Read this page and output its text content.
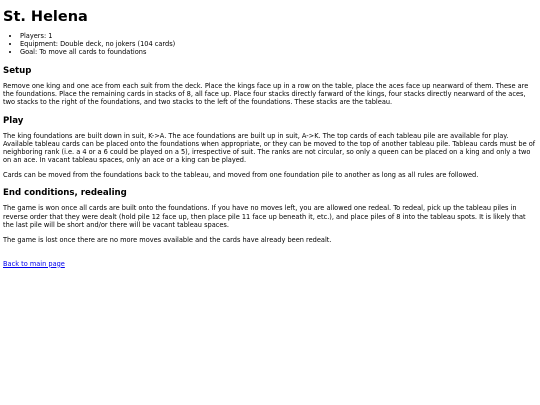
St. Helena
• Players: 1
• Equipment: Double deck, no jokers (104 cards)
• Goal: To move all cards to foundations
Setup

Remove one king and one ace from each suit from the deck. Place the kings face up in a row on the table, place the aces face up nearward of them. These are the foundations. Place the remaining cards in stacks of 8, all face up. Place four stacks directly farward of the kings, four stacks directly nearward of the aces, two stacks to the right of the foundations, and two stacks to the left of the foundations. These stacks are the tableau.

Play

The king foundations are built down in suit, K->A. The ace foundations are built up in suit, A->K. The top cards of each tableau pile are available for play. Available tableau cards can be placed onto the foundations when appropriate, or they can be moved to the top of another tableau pile. Tableau cards must be of neighboring rank (i.e. a 4 or a 6 could be played on a 5), irrespective of suit. The ranks are not circular, so only a queen can be placed on a king and only a two on an ace. In vacant tableau spaces, only an ace or a king can be played.

Cards can be moved from the foundations back to the tableau, and moved from one foundation pile to another as long as all rules are followed.

End conditions, redealing

The game is won once all cards are built onto the foundations. If you have no moves left, you are allowed one redeal. To redeal, pick up the tableau piles in reverse order that they were dealt (hold pile 12 face up, then place pile 11 face up beneath it, etc.), and place piles of 8 into the tableau spots. It is likely that the last pile will be short and/or there will be vacant tableau spaces.

The game is lost once there are no more moves available and the cards have already been redealt.

Back to main page
